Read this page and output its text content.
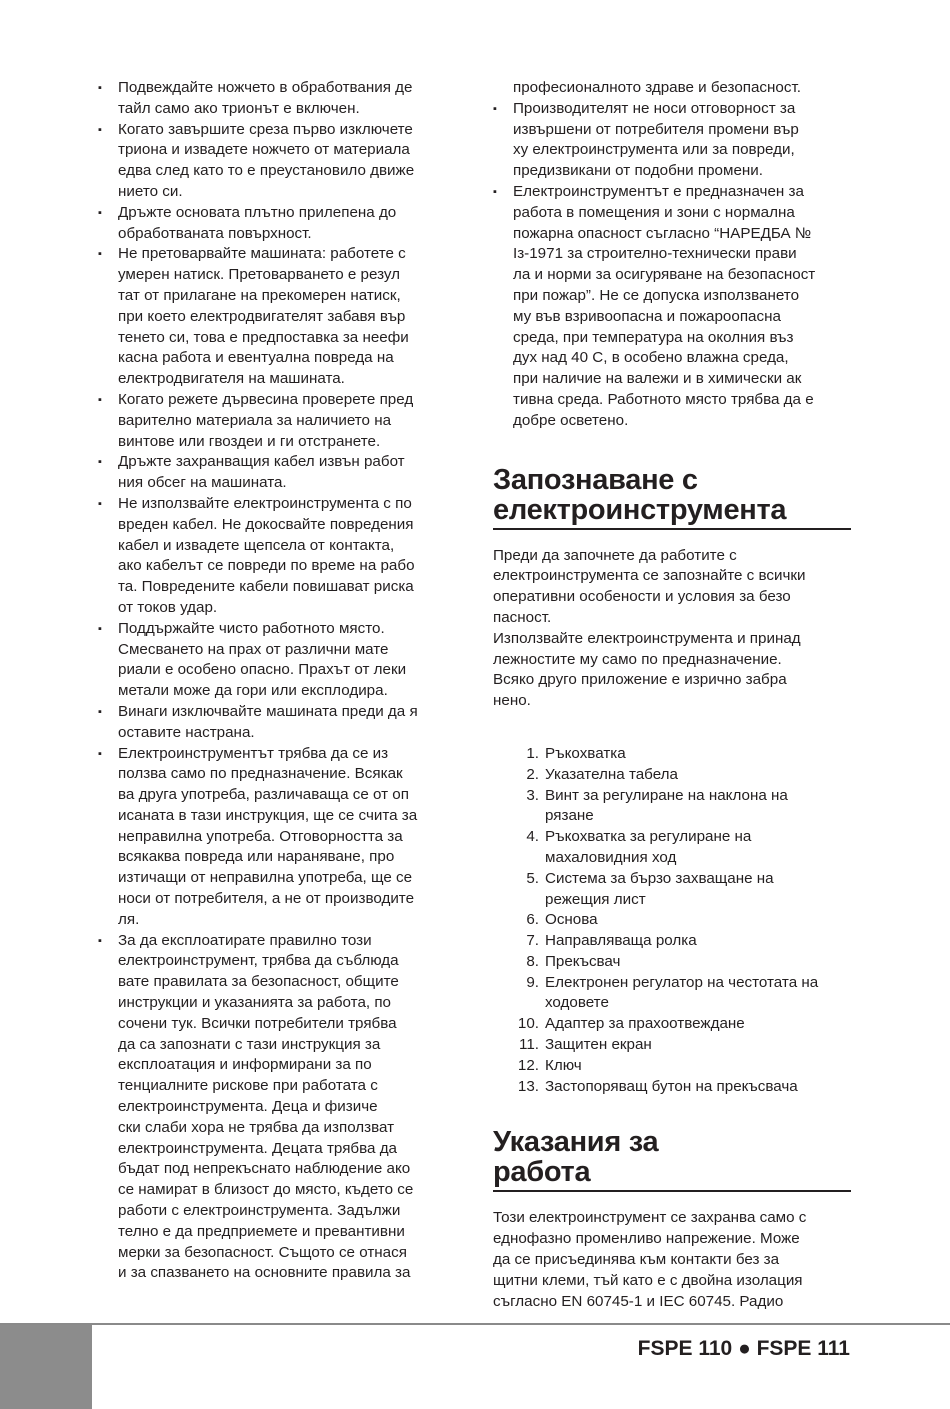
▪ Подвеждайте ножчето в обработвания де
тайл само ако трионът е включен.
▪ Когато завършите среза първо изключете
триона и извадете ножчето от материала
едва след като то е преустановило движе
нието си.
▪ Дръжте основата плътно прилепена до
обработваната повърхност.
▪ Не претоварвайте машината: работете с
умерен натиск. Претоварването е резул
тат от прилагане на прекомерен натиск,
при което електродвигателят забавя вър
тенето си, това е предпоставка за неефи
касна работа и евентуална повреда на
електродвигателя на машината.
▪ Когато режете дървесина проверете пред
варително материала за наличието на
винтове или гвоздеи и ги отстранете.
▪ Дръжте захранващия кабел извън работ
ния обсег на машината.
▪ Не използвайте електроинструмента с по
вреден кабел. Не докосвайте повредения
кабел и извадете щепсела от контакта,
ако кабелът се повреди по време на рабо
та. Повредените кабели повишават риска
от токов удар.
▪ Поддържайте чисто работното място.
Смесването на прах от различни мате
риали е особено опасно. Прахът от леки
метали може да гори или експлодира.
▪ Винаги изключвайте машината преди да я
оставите настрана.
▪ Електроинструментът трябва да се из
ползва само по предназначение. Всякак
ва друга употреба, различаваща се от оп
исаната в тази инструкция, ще се счита за
неправилна употреба. Отговорността за
всякаква повреда или нараняване, про
изтичащи от неправилна употреба, ще се
носи от потребителя, а не от производите
ля.
▪ За да експлоатирате правилно този
електроинструмент, трябва да съблюда
вате правилата за безопасност, общите
инструкции и указанията за работа, по
сочени тук. Всички потребители трябва
да са запознати с тази инструкция за
експлоатация и информирани за по
тенциалните рискове при работата с
електроинструмента. Деца и физиче
ски слаби хора не трябва да използват
електроинструмента. Децата трябва да
бъдат под непрекъснато наблюдение ако
се намират в близост до място, където се
работи с електроинструмента. Задължи
телно е да предприемете и превантивни
мерки за безопасност. Същото се отнася
и за спазването на основните правила за
професионалното здраве и безопасност.
▪ Производителят не носи отговорност за
извършени от потребителя промени вър
ху електроинструмента или за повреди,
предизвикани от подобни промени.
▪ Електроинструментът е предназначен за
работа в помещения и зони с нормална
пожарна опасност съгласно “НАРЕДБА №
Із-1971 за строително-технически прави
ла и норми за осигуряване на безопасност
при пожар”. Не се допуска използването
му във взривоопасна и пожароопасна
среда, при температура на околния въз
дух над 40 С, в особено влажна среда,
при наличие на валежи и в химически ак
тивна среда. Работното място трябва да е
добре осветено.
Запознаване с
електроинструмента

Преди да започнете да работите с
електроинструмента се запознайте с всички
оперативни особености и условия за безо
пасност.

Използвайте електроинструмента и принад
лежностите му само по предназначение.
Всяко друго приложение е изрично забра
нено.

1. Ръкохватка
2. Указателна табела
3. Винт за регулиране на наклона на
рязане
4. Ръкохватка за регулиране на
махаловидния ход
5. Система за бързо захващане на
режещия лист
6. Основа
7. Направляваща ролка
8. Прекъсвач
9. Електронен регулатор на честотата на
ходовете
10. Адаптер за прахоотвеждане
11. Защитен екран
12. Ключ
13. Застопоряващ бутон на прекъсвача
Указания за
работа

Този електроинструмент се захранва само с
еднофазно променливо напрежение. Може
да се присъединява към контакти без за
щитни клеми, тъй като е с двойна изолация
съгласно EN 60745-1 и IEC 60745. Радио

FSPE 110 ● FSPE 111
